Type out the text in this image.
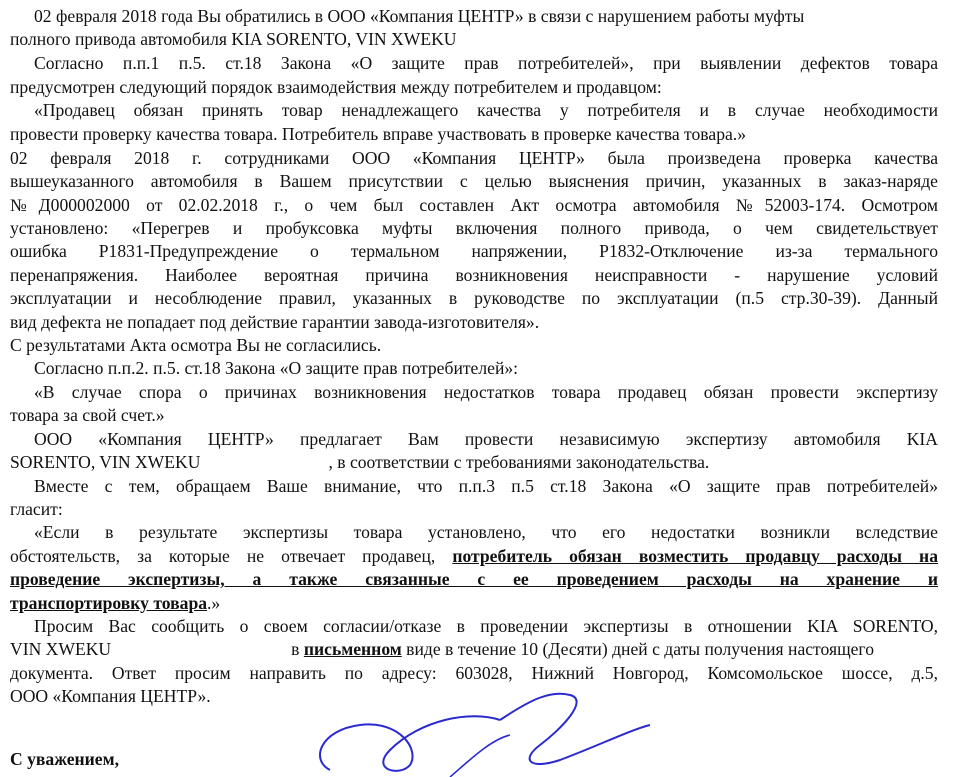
02 февраля 2018 года Вы обратились в ООО «Компания ЦЕНТР» в связи с нарушением работы муфты
полного привода автомобиля KIA SORENTO, VIN XWEKU
Согласно п.п.1 п.5. ст.18 Закона «О защите прав потребителей», при выявлении дефектов товара
предусмотрен следующий порядок взаимодействия между потребителем и продавцом:
«Продавец обязан принять товар ненадлежащего качества у потребителя и в случае необходимости
провести проверку качества товара. Потребитель вправе участвовать в проверке качества товара.»
02 февраля 2018 г. сотрудниками ООО «Компания ЦЕНТР» была произведена проверка качества
вышеуказанного автомобиля в Вашем присутствии с целью выяснения причин, указанных в заказ-наряде
№Д000002000 от 02.02.2018 г., о чем был составлен Акт осмотра автомобиля №52003-174. Осмотром
установлено: «Перегрев и пробуксовка муфты включения полного привода, о чем свидетельствует
ошибка P1831-Предупреждение о термальном напряжении, P1832-Отключение из-за термального
перенапряжения. Наиболее вероятная причина возникновения неисправности - нарушение условий
эксплуатации и несоблюдение правил, указанных в руководстве по эксплуатации (п.5 стр.30-39). Данный
вид дефекта не попадает под действие гарантии завода-изготовителя».
С результатами Акта осмотра Вы не согласились.
Согласно п.п.2. п.5. ст.18 Закона «О защите прав потребителей»:
«В случае спора о причинах возникновения недостатков товара продавец обязан провести экспертизу
товара за свой счет.»
ООО «Компания ЦЕНТР» предлагает Вам провести независимую экспертизу автомобиля KIA
SORENTO, VIN XWEKU	, в соответствии с требованиями законодательства.
Вместе с тем, обращаем Ваше внимание, что п.п.3 п.5 ст.18 Закона «О защите прав потребителей»
гласит:
«Если в результате экспертизы товара установлено, что его недостатки возникли вследствие
обстоятельств, за которые не отвечает продавец, потребитель обязан возместить продавцу расходы на
проведение экспертизы, а также связанные с ее проведением расходы на хранение и
транспортировку товара.»
Просим Вас сообщить о своем согласии/отказе в проведении экспертизы в отношении KIA SORENTO,
VIN XWEKU	в письменном виде в течение 10 (Десяти) дней с даты получения настоящего
документа. Ответ просим направить по адресу: 603028, Нижний Новгород, Комсомольское шоссе, д.5,
ООО «Компания ЦЕНТР».
С уважением,
